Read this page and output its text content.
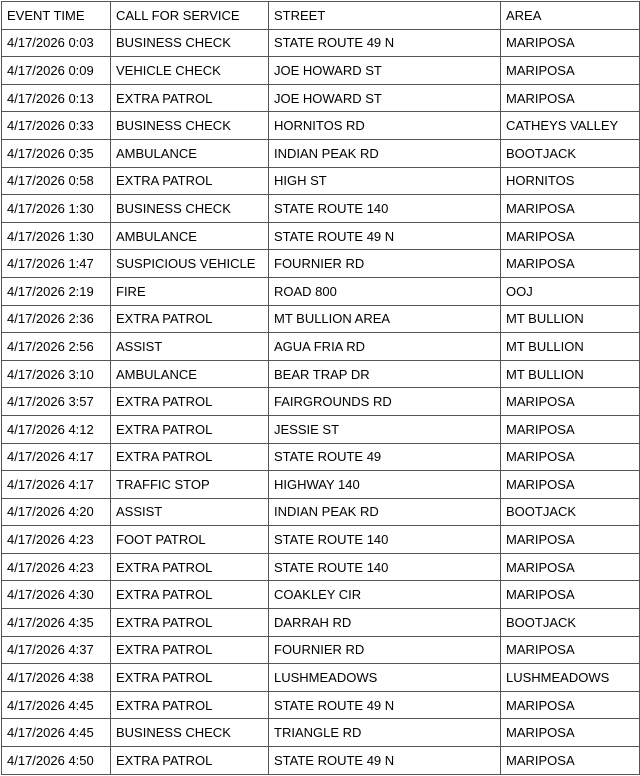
EVENT TIME	CALL FOR SERVICE	STREET	AREA
4/17/2026 0:03	BUSINESS CHECK	STATE ROUTE 49 N	MARIPOSA
4/17/2026 0:09	VEHICLE CHECK	JOE HOWARD ST	MARIPOSA
4/17/2026 0:13	EXTRA PATROL	JOE HOWARD ST	MARIPOSA
4/17/2026 0:33	BUSINESS CHECK	HORNITOS RD	CATHEYS VALLEY
4/17/2026 0:35	AMBULANCE	INDIAN PEAK RD	BOOTJACK
4/17/2026 0:58	EXTRA PATROL	HIGH ST	HORNITOS
4/17/2026 1:30	BUSINESS CHECK	STATE ROUTE 140	MARIPOSA
4/17/2026 1:30	AMBULANCE	STATE ROUTE 49 N	MARIPOSA
4/17/2026 1:47	SUSPICIOUS VEHICLE	FOURNIER RD	MARIPOSA
4/17/2026 2:19	FIRE	ROAD 800	OOJ
4/17/2026 2:36	EXTRA PATROL	MT BULLION AREA	MT BULLION
4/17/2026 2:56	ASSIST	AGUA FRIA RD	MT BULLION
4/17/2026 3:10	AMBULANCE	BEAR TRAP DR	MT BULLION
4/17/2026 3:57	EXTRA PATROL	FAIRGROUNDS RD	MARIPOSA
4/17/2026 4:12	EXTRA PATROL	JESSIE ST	MARIPOSA
4/17/2026 4:17	EXTRA PATROL	STATE ROUTE 49	MARIPOSA
4/17/2026 4:17	TRAFFIC STOP	HIGHWAY 140	MARIPOSA
4/17/2026 4:20	ASSIST	INDIAN PEAK RD	BOOTJACK
4/17/2026 4:23	FOOT PATROL	STATE ROUTE 140	MARIPOSA
4/17/2026 4:23	EXTRA PATROL	STATE ROUTE 140	MARIPOSA
4/17/2026 4:30	EXTRA PATROL	COAKLEY CIR	MARIPOSA
4/17/2026 4:35	EXTRA PATROL	DARRAH RD	BOOTJACK
4/17/2026 4:37	EXTRA PATROL	FOURNIER RD	MARIPOSA
4/17/2026 4:38	EXTRA PATROL	LUSHMEADOWS	LUSHMEADOWS
4/17/2026 4:45	EXTRA PATROL	STATE ROUTE 49 N	MARIPOSA
4/17/2026 4:45	BUSINESS CHECK	TRIANGLE RD	MARIPOSA
4/17/2026 4:50	EXTRA PATROL	STATE ROUTE 49 N	MARIPOSA
